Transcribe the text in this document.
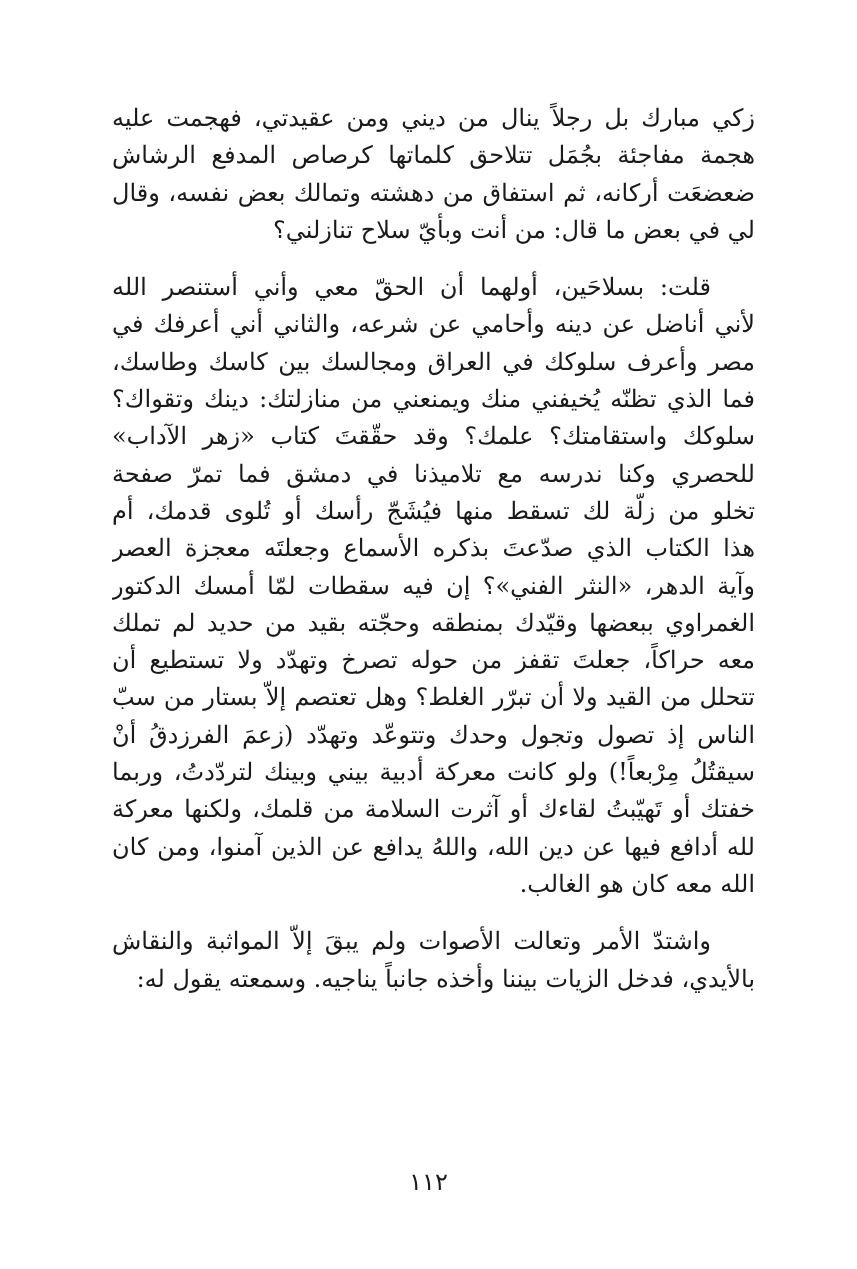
زكي مبارك بل رجلاً ينال من ديني ومن عقيدتي، فهجمت عليه
هجمة مفاجئة بجُمَل تتلاحق كلماتها كرصاص المدفع الرشاش
ضعضعَت أركانه، ثم استفاق من دهشته وتمالك بعض نفسه، وقال
لي في بعض ما قال: من أنت وبأيّ سلاح تنازلني؟
قلت: بسلاحَين، أولهما أن الحقّ معي وأني أستنصر الله
لأني أناضل عن دينه وأحامي عن شرعه، والثاني أني أعرفك في
مصر وأعرف سلوكك في العراق ومجالسك بين كاسك وطاسك،
فما الذي تظنّه يُخيفني منك ويمنعني من منازلتك: دينك وتقواك؟
سلوكك واستقامتك؟ علمك؟ وقد حقّقتَ كتاب «زهر الآداب»
للحصري وكنا ندرسه مع تلاميذنا في دمشق فما تمرّ صفحة
تخلو من زلّة لك تسقط منها فيُشَجّ رأسك أو تُلوى قدمك، أم
هذا الكتاب الذي صدّعتَ بذكره الأسماع وجعلتَه معجزة العصر
وآية الدهر، «النثر الفني»؟ إن فيه سقطات لمّا أمسك الدكتور
الغمراوي ببعضها وقيّدك بمنطقه وحجّته بقيد من حديد لم تملك
معه حراكاً، جعلتَ تقفز من حوله تصرخ وتهدّد ولا تستطيع أن
تتحلل من القيد ولا أن تبرّر الغلط؟ وهل تعتصم إلاّ بستار من سبّ
الناس إذ تصول وتجول وحدك وتتوعّد وتهدّد (زعمَ الفرزدقُ أنْ
سيقتُلُ مِرْبعاً!) ولو كانت معركة أدبية بيني وبينك لتردّدتُ، وربما
خفتك أو تَهيّبتُ لقاءك أو آثرت السلامة من قلمك، ولكنها معركة
لله أدافع فيها عن دين الله، واللهُ يدافع عن الذين آمنوا، ومن كان
الله معه كان هو الغالب.
واشتدّ الأمر وتعالت الأصوات ولم يبقَ إلاّ المواثبة والنقاش
بالأيدي، فدخل الزيات بيننا وأخذه جانباً يناجيه. وسمعته يقول له:
١١٢
